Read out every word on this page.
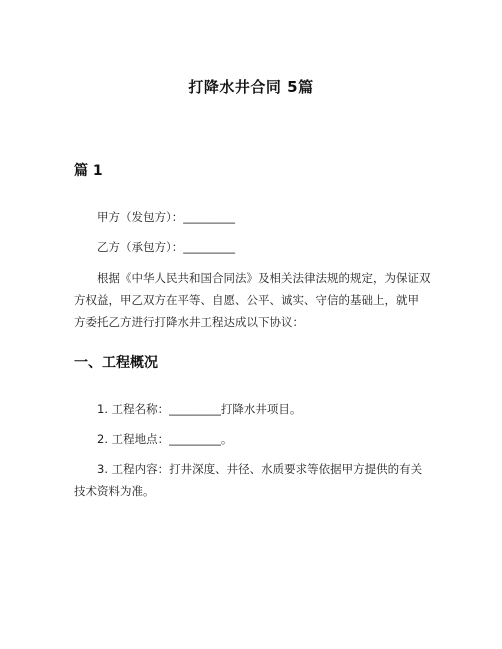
打降水井合同 5篇
篇 1
甲方（发包方）：_________
乙方（承包方）：_________
根据《中华人民共和国合同法》及相关法律法规的规定，为保证双
方权益，甲乙双方在平等、自愿、公平、诚实、守信的基础上，就甲
方委托乙方进行打降水井工程达成以下协议：
一、工程概况
1. 工程名称：_________打降水井项目。
2. 工程地点：_________。
3. 工程内容：打井深度、井径、水质要求等依据甲方提供的有关
技术资料为准。
